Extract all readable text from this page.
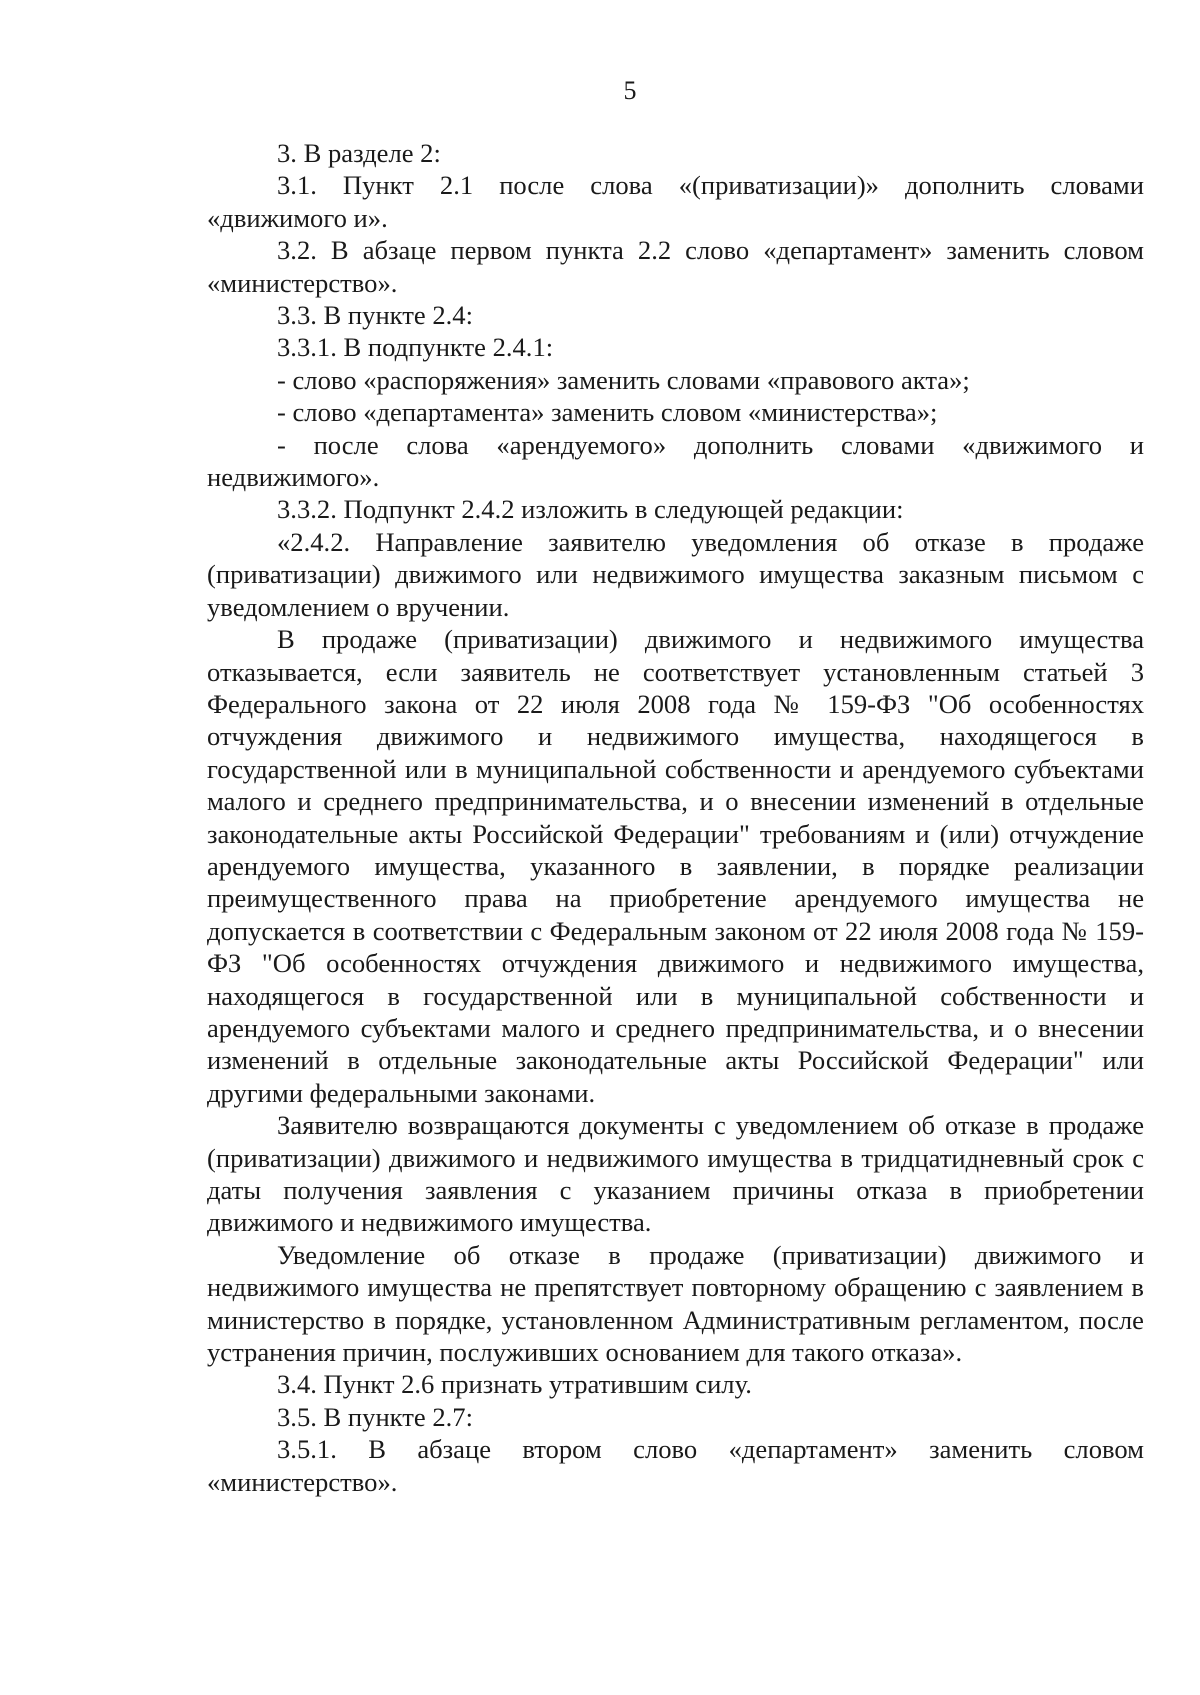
5

3. В разделе 2:

3.1. Пункт 2.1 после слова «(приватизации)» дополнить словами «движимого и».

3.2. В абзаце первом пункта 2.2 слово «департамент» заменить словом «министерство».

3.3. В пункте 2.4:

3.3.1. В подпункте 2.4.1:

- слово «распоряжения» заменить словами «правового акта»;

- слово «департамента» заменить словом «министерства»;

- после слова «арендуемого» дополнить словами «движимого и недвижимого».

3.3.2. Подпункт 2.4.2 изложить в следующей редакции:

«2.4.2. Направление заявителю уведомления об отказе в продаже (приватизации) движимого или недвижимого имущества заказным письмом с уведомлением о вручении.

В продаже (приватизации) движимого и недвижимого имущества отказывается, если заявитель не соответствует установленным статьей 3 Федерального закона от 22 июля 2008 года № 159-ФЗ "Об особенностях отчуждения движимого и недвижимого имущества, находящегося в государственной или в муниципальной собственности и арендуемого субъектами малого и среднего предпринимательства, и о внесении изменений в отдельные законодательные акты Российской Федерации" требованиям и (или) отчуждение арендуемого имущества, указанного в заявлении, в порядке реализации преимущественного права на приобретение арендуемого имущества не допускается в соответствии с Федеральным законом от 22 июля 2008 года № 159-ФЗ "Об особенностях отчуждения движимого и недвижимого имущества, находящегося в государственной или в муниципальной собственности и арендуемого субъектами малого и среднего предпринимательства, и о внесении изменений в отдельные законодательные акты Российской Федерации" или другими федеральными законами.

Заявителю возвращаются документы с уведомлением об отказе в продаже (приватизации) движимого и недвижимого имущества в тридцатидневный срок с даты получения заявления с указанием причины отказа в приобретении движимого и недвижимого имущества.

Уведомление об отказе в продаже (приватизации) движимого и недвижимого имущества не препятствует повторному обращению с заявлением в министерство в порядке, установленном Административным регламентом, после устранения причин, послуживших основанием для такого отказа».

3.4. Пункт 2.6 признать утратившим силу.

3.5. В пункте 2.7:

3.5.1. В абзаце втором слово «департамент» заменить словом «министерство».
